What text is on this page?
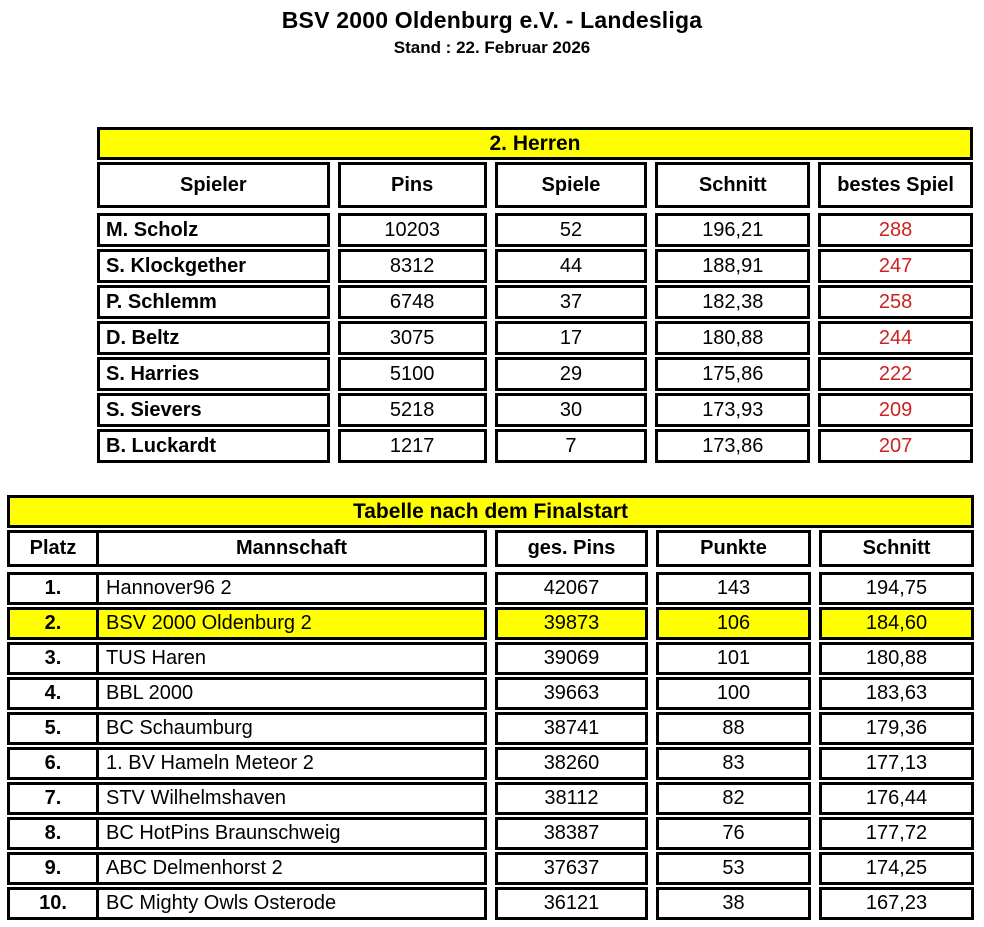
BSV 2000 Oldenburg e.V. - Landesliga
Stand : 22. Februar 2026
2. Herren
Spieler	Pins	Spiele	Schnitt	bestes Spiel
M. Scholz	10203	52	196,21	288
S. Klockgether	8312	44	188,91	247
P. Schlemm	6748	37	182,38	258
D. Beltz	3075	17	180,88	244
S. Harries	5100	29	175,86	222
S. Sievers	5218	30	173,93	209
B. Luckardt	1217	7	173,86	207
Tabelle nach dem Finalstart
Platz	Mannschaft	ges. Pins	Punkte	Schnitt
1.	Hannover96 2	42067	143	194,75
2.	BSV 2000 Oldenburg 2	39873	106	184,60
3.	TUS Haren	39069	101	180,88
4.	BBL 2000	39663	100	183,63
5.	BC Schaumburg	38741	88	179,36
6.	1. BV Hameln Meteor 2	38260	83	177,13
7.	STV Wilhelmshaven	38112	82	176,44
8.	BC HotPins Braunschweig	38387	76	177,72
9.	ABC Delmenhorst 2	37637	53	174,25
10.	BC Mighty Owls Osterode	36121	38	167,23
